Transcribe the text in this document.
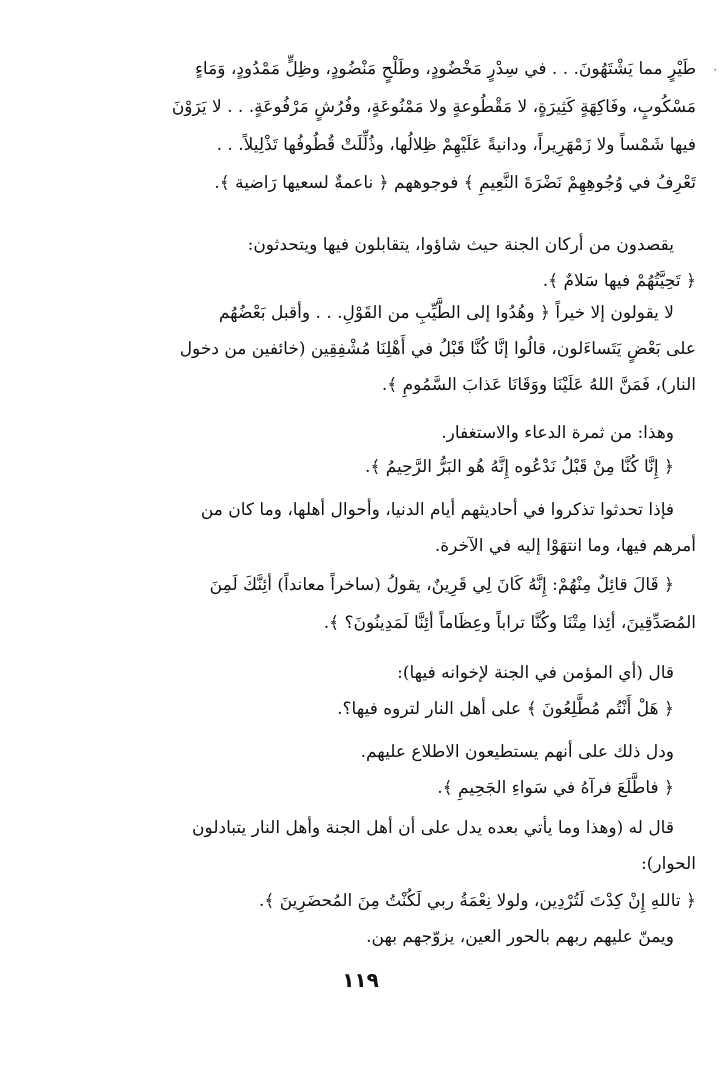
٠
طَيْرٍ مما يَشْتَهُونَ. . . في سِدْرٍ مَخْضُودٍ، وطَلْحٍ مَنْضُودٍ، وظِلٍّ مَمْدُودٍ، وَمَاءٍ
مَسْكُوبٍ، وفَاكِهَةٍ كَثِيرَةٍ، لا مَقْطُوعةٍ ولا مَمْنُوعَةٍ، وفُرُشٍ مَرْفُوعَةٍ. . . لا يَرَوْنَ
فيها شَمْساً ولا زَمْهَرِيراً، ودانيةً عَلَيْهِمْ ظِلالُها، وذُلِّلَتْ قُطُوفُها تَذْلِيلاً. . .
تَعْرِفُ في وُجُوهِهِمْ نَضْرَةَ النَّعِيمِ ﴾ فوجوههم ﴿ ناعمةٌ لسعيها رَاضية ﴾.
يقصدون من أركان الجنة حيث شاؤوا، يتقابلون فيها ويتحدثون:
﴿ تَحِيَّتُهُمْ فيها سَلامٌ ﴾.
لا يقولون إلا خيراً ﴿ وهُدُوا إلى الطَّيِّبِ من القَوْلِ. . . وأقبل بَعْضُهُم
على بَعْضٍ يَتَساءَلون، قالُوا إنَّا كُنَّا قَبْلُ في أَهْلِنَا مُشْفِقِين (خائفين من دخول
النار)، فَمَنَّ اللهُ عَلَيْنَا ووَقَانَا عَذابَ السَّمُومِ ﴾.
وهذا: من ثمرة الدعاء والاستغفار.
﴿ إِنَّا كُنَّا مِنْ قَبْلُ نَدْعُوه إِنَّهُ هُو البَرُّ الرَّحِيمُ ﴾.
فإذا تحدثوا تذكروا في أحاديثهم أيام الدنيا، وأحوال أهلها، وما كان من
أمرهم فيها، وما انتهَوْا إليه في الآخرة.
﴿ قَالَ قائِلٌ مِنْهُمْ: إِنَّهُ كَانَ لِي قَرِينٌ، يقولُ (ساخراً معانداً) أئِنَّكَ لَمِنَ
المُصَدِّقِينَ، أئِذا مِتْنَا وكُنَّا تراباً وعِظَاماً أئِنَّا لَمَدِينُونَ؟ ﴾.
قال (أي المؤمن في الجنة لإخوانه فيها):
﴿ هَلْ أَنْتُم مُطَّلِعُونَ ﴾ على أهل النار لتروه فيها؟.
ودل ذلك على أنهم يستطيعون الاطلاع عليهم.
﴿ فاطَّلَعَ فرآهُ في سَواءِ الجَحِيمِ ﴾.
قال له (وهذا وما يأتي بعده يدل على أن أهل الجنة وأهل النار يتبادلون
الحوار):
﴿ تاللهِ إِنْ كِدْتَ لَتُرْدِين، ولولا نِعْمَةُ ربي لَكُنْتُ مِنَ المُحضَرِينَ ﴾.
ويمنّ عليهم ربهم بالحور العين، يزوّجهم بهن.
١١٩
